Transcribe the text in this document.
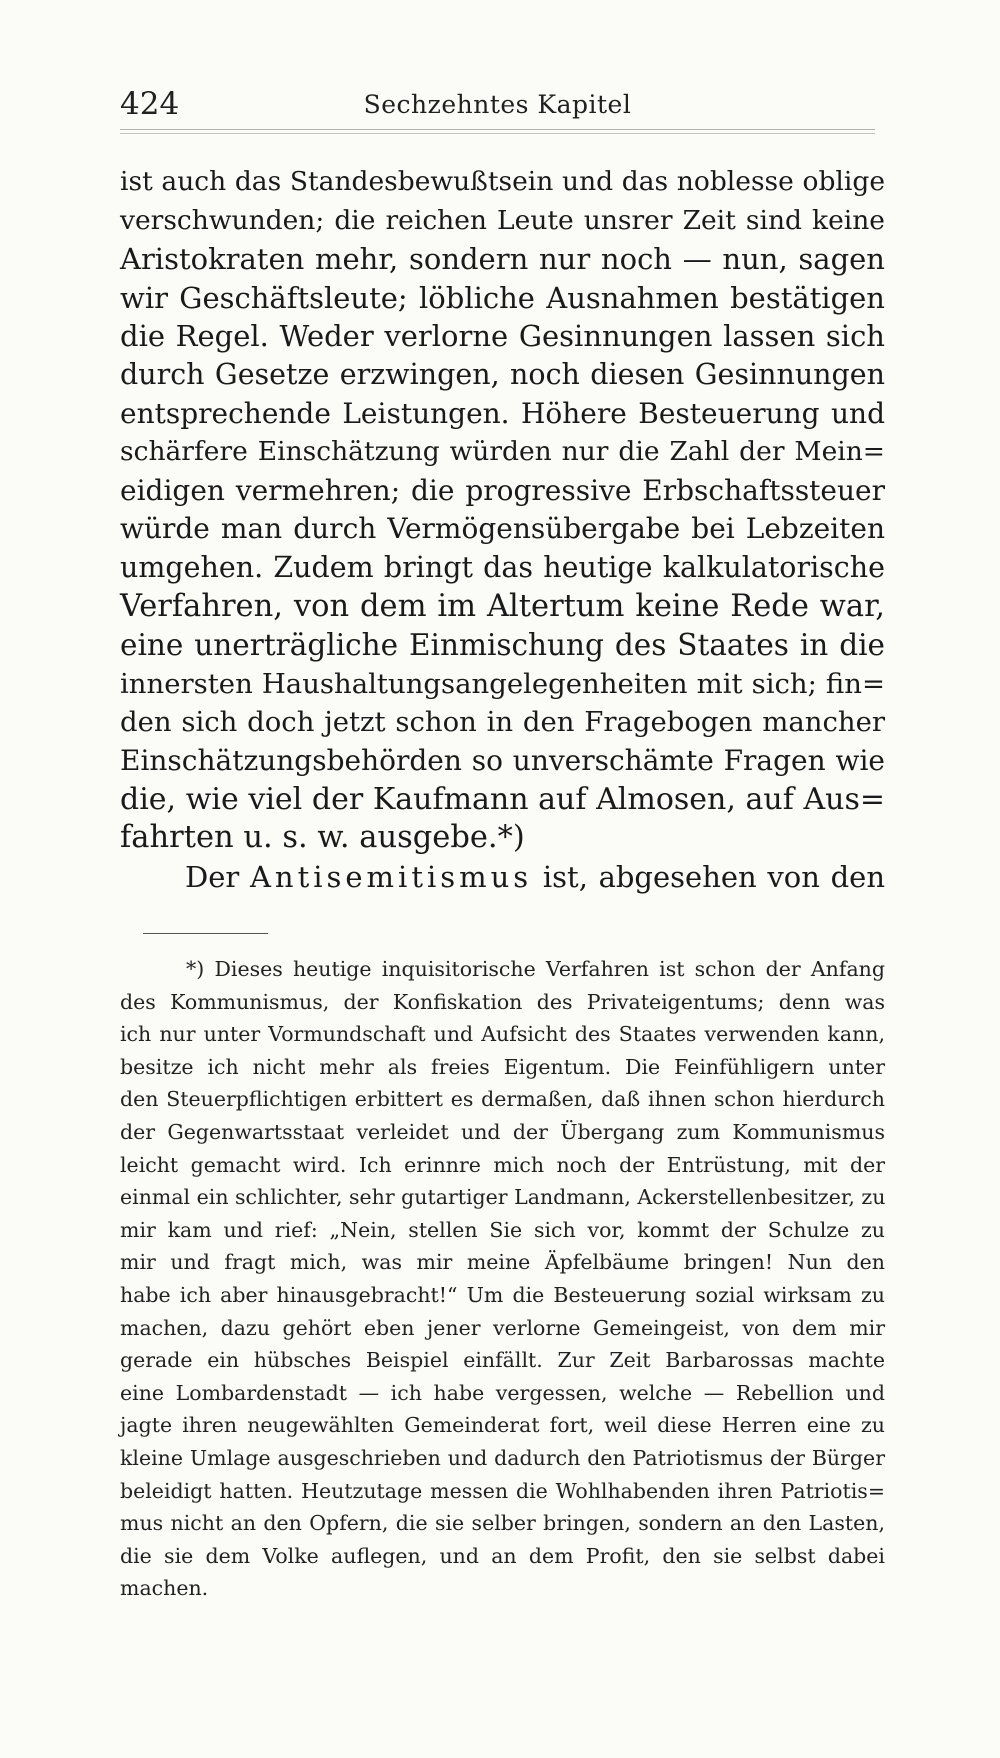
424	Sechzehntes Kapitel
ist auch das Standesbewußtsein und das noblesse oblige
verschwunden; die reichen Leute unsrer Zeit sind keine
Aristokraten mehr, sondern nur noch — nun, sagen
wir Geschäftsleute; löbliche Ausnahmen bestätigen
die Regel. Weder verlorne Gesinnungen lassen sich
durch Gesetze erzwingen, noch diesen Gesinnungen
entsprechende Leistungen. Höhere Besteuerung und
schärfere Einschätzung würden nur die Zahl der Mein=
eidigen vermehren; die progressive Erbschaftssteuer
würde man durch Vermögensübergabe bei Lebzeiten
umgehen. Zudem bringt das heutige kalkulatorische
Verfahren, von dem im Altertum keine Rede war,
eine unerträgliche Einmischung des Staates in die
innersten Haushaltungsangelegenheiten mit sich; fin=
den sich doch jetzt schon in den Fragebogen mancher
Einschätzungsbehörden so unverschämte Fragen wie
die, wie viel der Kaufmann auf Almosen, auf Aus=
fahrten u. s. w. ausgebe.*)
Der Antisemitismus ist, abgesehen von den
*) Dieses heutige inquisitorische Verfahren ist schon der Anfang
des Kommunismus, der Konfiskation des Privateigentums; denn was
ich nur unter Vormundschaft und Aufsicht des Staates verwenden kann,
besitze ich nicht mehr als freies Eigentum. Die Feinfühligern unter
den Steuerpflichtigen erbittert es dermaßen, daß ihnen schon hierdurch
der Gegenwartsstaat verleidet und der Übergang zum Kommunismus
leicht gemacht wird. Ich erinnre mich noch der Entrüstung, mit der
einmal ein schlichter, sehr gutartiger Landmann, Ackerstellenbesitzer, zu
mir kam und rief: „Nein, stellen Sie sich vor, kommt der Schulze zu
mir und fragt mich, was mir meine Äpfelbäume bringen! Nun den
habe ich aber hinausgebracht!“ Um die Besteuerung sozial wirksam zu
machen, dazu gehört eben jener verlorne Gemeingeist, von dem mir
gerade ein hübsches Beispiel einfällt. Zur Zeit Barbarossas machte
eine Lombardenstadt — ich habe vergessen, welche — Rebellion und
jagte ihren neugewählten Gemeinderat fort, weil diese Herren eine zu
kleine Umlage ausgeschrieben und dadurch den Patriotismus der Bürger
beleidigt hatten. Heutzutage messen die Wohlhabenden ihren Patriotis=
mus nicht an den Opfern, die sie selber bringen, sondern an den Lasten,
die sie dem Volke auflegen, und an dem Profit, den sie selbst dabei
machen.
